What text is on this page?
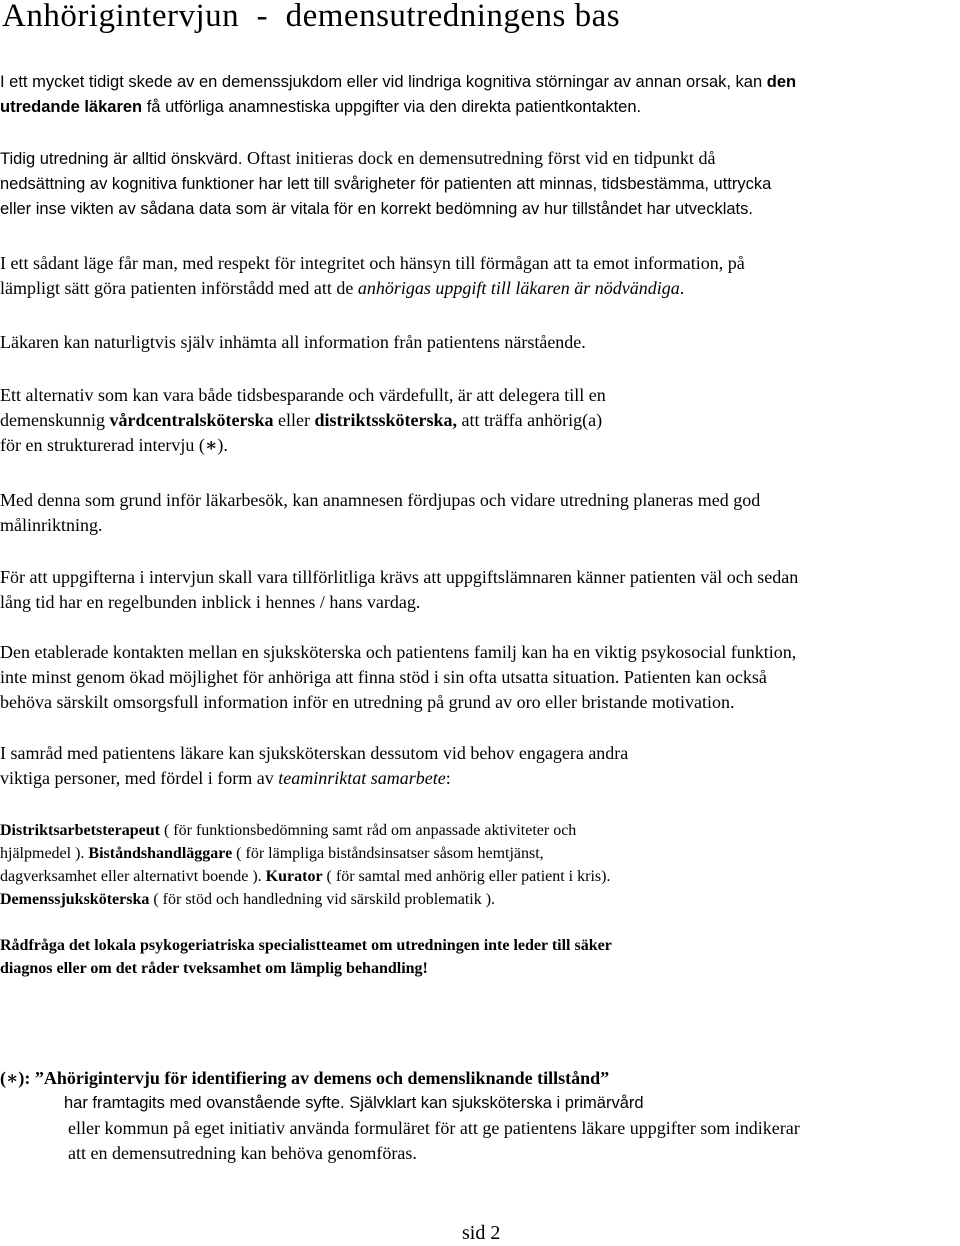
Anhörigintervjun  -  demensutredningens bas

I ett mycket tidigt skede av en demenssjukdom eller vid lindriga kognitiva störningar av annan orsak, kan den
utredande läkaren få utförliga anamnestiska uppgifter via den direkta patientkontakten.

Tidig utredning är alltid önskvärd. Oftast initieras dock en demensutredning först vid en tidpunkt då
nedsättning av kognitiva funktioner har lett till svårigheter för patienten att minnas, tidsbestämma, uttrycka
eller inse vikten av sådana data som är vitala för en korrekt bedömning av hur tillståndet har utvecklats.

I ett sådant läge får man, med respekt för integritet och hänsyn till förmågan att ta emot information, på
lämpligt sätt göra patienten införstådd med att de anhörigas uppgift till läkaren är nödvändiga.

Läkaren kan naturligtvis själv inhämta all information från patientens närstående.

Ett alternativ som kan vara både tidsbesparande och värdefullt, är att delegera till en
demenskunnig vårdcentralsköterska eller distriktssköterska, att träffa anhörig(a)
för en strukturerad intervju (∗).

Med denna som grund inför läkarbesök, kan anamnesen fördjupas och vidare utredning planeras med god
målinriktning.

För att uppgifterna i intervjun skall vara tillförlitliga krävs att uppgiftslämnaren känner patienten väl och sedan
lång tid har en regelbunden inblick i hennes / hans vardag.

Den etablerade kontakten mellan en sjuksköterska och patientens familj kan ha en viktig psykosocial funktion,
inte minst genom ökad möjlighet för anhöriga att finna stöd i sin ofta utsatta situation. Patienten kan också
behöva särskilt omsorgsfull information inför en utredning på grund av oro eller bristande motivation.

I samråd med patientens läkare kan sjuksköterskan dessutom vid behov engagera andra
viktiga personer, med fördel i form av teaminriktat samarbete:

Distriktsarbetsterapeut ( för funktionsbedömning samt råd om anpassade aktiviteter och
hjälpmedel ). Biståndshandläggare ( för lämpliga biståndsinsatser såsom hemtjänst,
dagverksamhet eller alternativt boende ). Kurator ( för samtal med anhörig eller patient i kris).
Demenssjuksköterska ( för stöd och handledning vid särskild problematik ).

Rådfråga det lokala psykogeriatriska specialistteamet om utredningen inte leder till säker
diagnos eller om det råder tveksamhet om lämplig behandling!

(∗): ”Ahörigintervju för identifiering av demens och demensliknande tillstånd”
har framtagits med ovanstående syfte. Självklart kan sjuksköterska i primärvård
eller kommun på eget initiativ använda formuläret för att ge patientens läkare uppgifter som indikerar
att en demensutredning kan behöva genomföras.
sid 2
